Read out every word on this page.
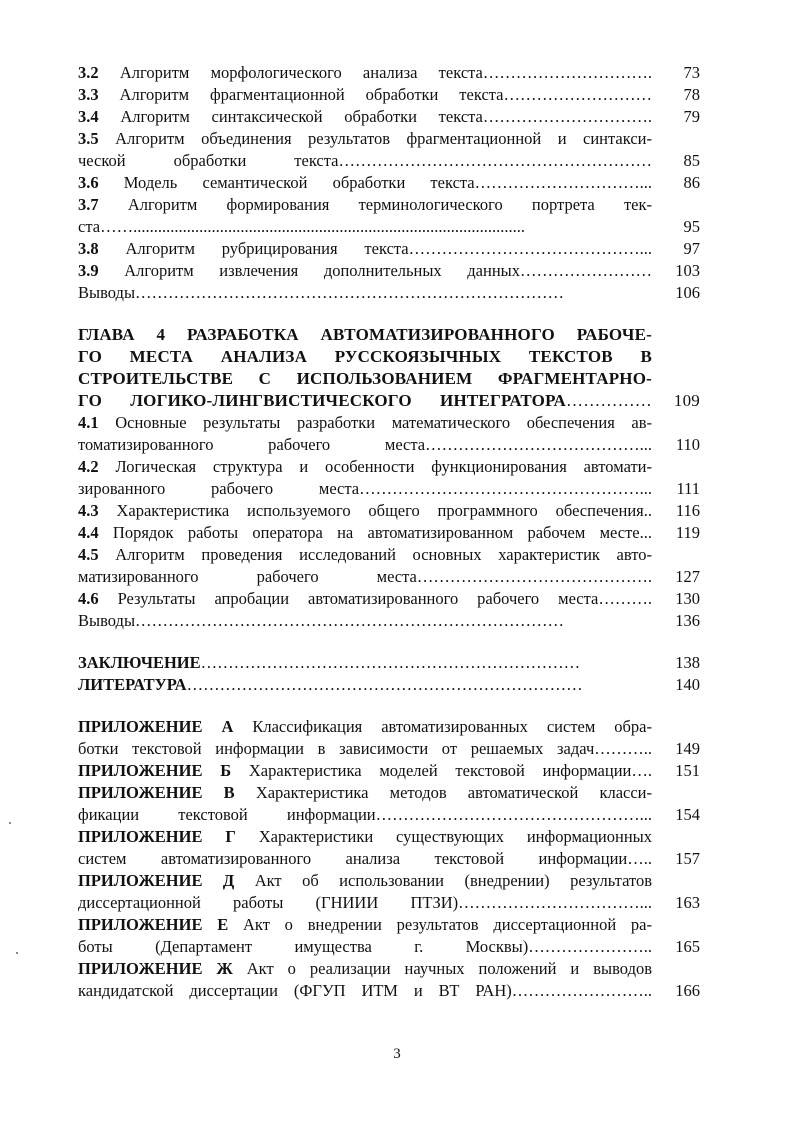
3.2 Алгоритм морфологического анализа текста………………………….	73
3.3 Алгоритм фрагментационной обработки текста………………………	78
3.4 Алгоритм синтаксической обработки текста………………………….	79
3.5 Алгоритм объединения результатов фрагментационной и синтакси-
ческой обработки текста…………………………………………………	85
3.6 Модель семантической обработки текста…………………………...	86
3.7 Алгоритм формирования терминологического портрета тек-
ста……...............................................................................................	95
3.8 Алгоритм рубрицирования текста……………………………………...	97
3.9 Алгоритм извлечения дополнительных данных……………………	103
Выводы……………………………………………………………………	106
ГЛАВА 4 РАЗРАБОТКА АВТОМАТИЗИРОВАННОГО РАБОЧЕ-
ГО МЕСТА АНАЛИЗА РУССКОЯЗЫЧНЫХ ТЕКСТОВ В
СТРОИТЕЛЬСТВЕ С ИСПОЛЬЗОВАНИЕМ ФРАГМЕНТАРНО-
ГО ЛОГИКО-ЛИНГВИСТИЧЕСКОГО ИНТЕГРАТОРА……………	109
4.1 Основные результаты разработки математического обеспечения ав-
томатизированного рабочего места…………………………………...	110
4.2 Логическая структура и особенности функционирования автомати-
зированного рабочего места……………………………………………...	111
4.3 Характеристика используемого общего программного обеспечения..	116
4.4 Порядок работы оператора на автоматизированном рабочем месте...	119
4.5 Алгоритм проведения исследований основных характеристик авто-
матизированного рабочего места…………………………………….	127
4.6 Результаты апробации автоматизированного рабочего места……….	130
Выводы……………………………………………………………………	136
ЗАКЛЮЧЕНИЕ……………………………………………………………	138
ЛИТЕРАТУРА………………………………………………………………	140
ПРИЛОЖЕНИЕ А Классификация автоматизированных систем обра-
ботки текстовой информации в зависимости от решаемых задач………..	149
ПРИЛОЖЕНИЕ Б Характеристика моделей текстовой информации….	151
ПРИЛОЖЕНИЕ В Характеристика методов автоматической класси-
фикации текстовой информации…………………………………………...	154
ПРИЛОЖЕНИЕ Г Характеристики существующих информационных
систем автоматизированного анализа текстовой информации…..	157
ПРИЛОЖЕНИЕ Д Акт об использовании (внедрении) результатов
диссертационной работы (ГНИИИ ПТЗИ)……………………………...	163
ПРИЛОЖЕНИЕ Е Акт о внедрении результатов диссертационной ра-
боты (Департамент имущества г. Москвы)…………………..	165
ПРИЛОЖЕНИЕ Ж Акт о реализации научных положений и выводов
кандидатской диссертации (ФГУП ИТМ и ВТ РАН)……………………..	166
3
